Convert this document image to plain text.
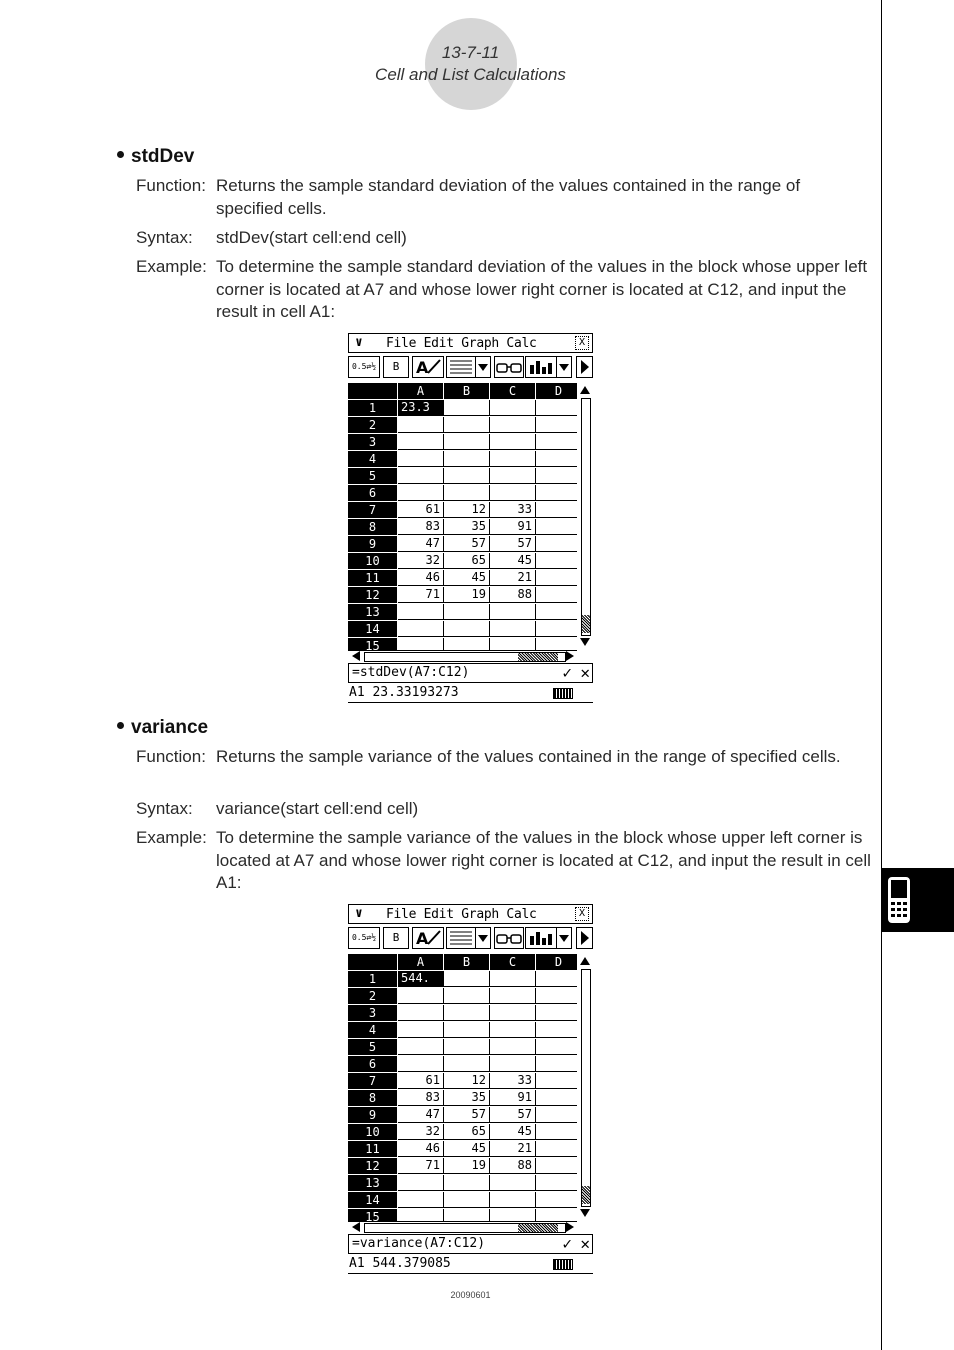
13-7-11
Cell and List Calculations
stdDev
Function: Returns the sample standard deviation of the values contained in the range of specified cells.
Syntax: stdDev(start cell:end cell)
Example: To determine the sample standard deviation of the values in the block whose upper left corner is located at A7 and whose lower right corner is located at C12, and input the result in cell A1:
∨ File Edit Graph Calc	X
0.5⇄½	B	A
A	B	C	D
1	23.3
2
3
4
5
6
7	61	12	33
8	83	35	91
9	47	57	57
10	32	65	45
11	46	45	21
12	71	19	88
13
14
15
=stdDev(A7:C12)	✓ ✕
A1 23.33193273
variance
Function: Returns the sample variance of the values contained in the range of specified cells.
Syntax: variance(start cell:end cell)
Example: To determine the sample variance of the values in the block whose upper left corner is located at A7 and whose lower right corner is located at C12, and input the result in cell A1:
∨ File Edit Graph Calc	X
0.5⇄½	B	A
A	B	C	D
1	544.
2
3
4
5
6
7	61	12	33
8	83	35	91
9	47	57	57
10	32	65	45
11	46	45	21
12	71	19	88
13
14
15
=variance(A7:C12)	✓ ✕
A1 544.379085
20090601
